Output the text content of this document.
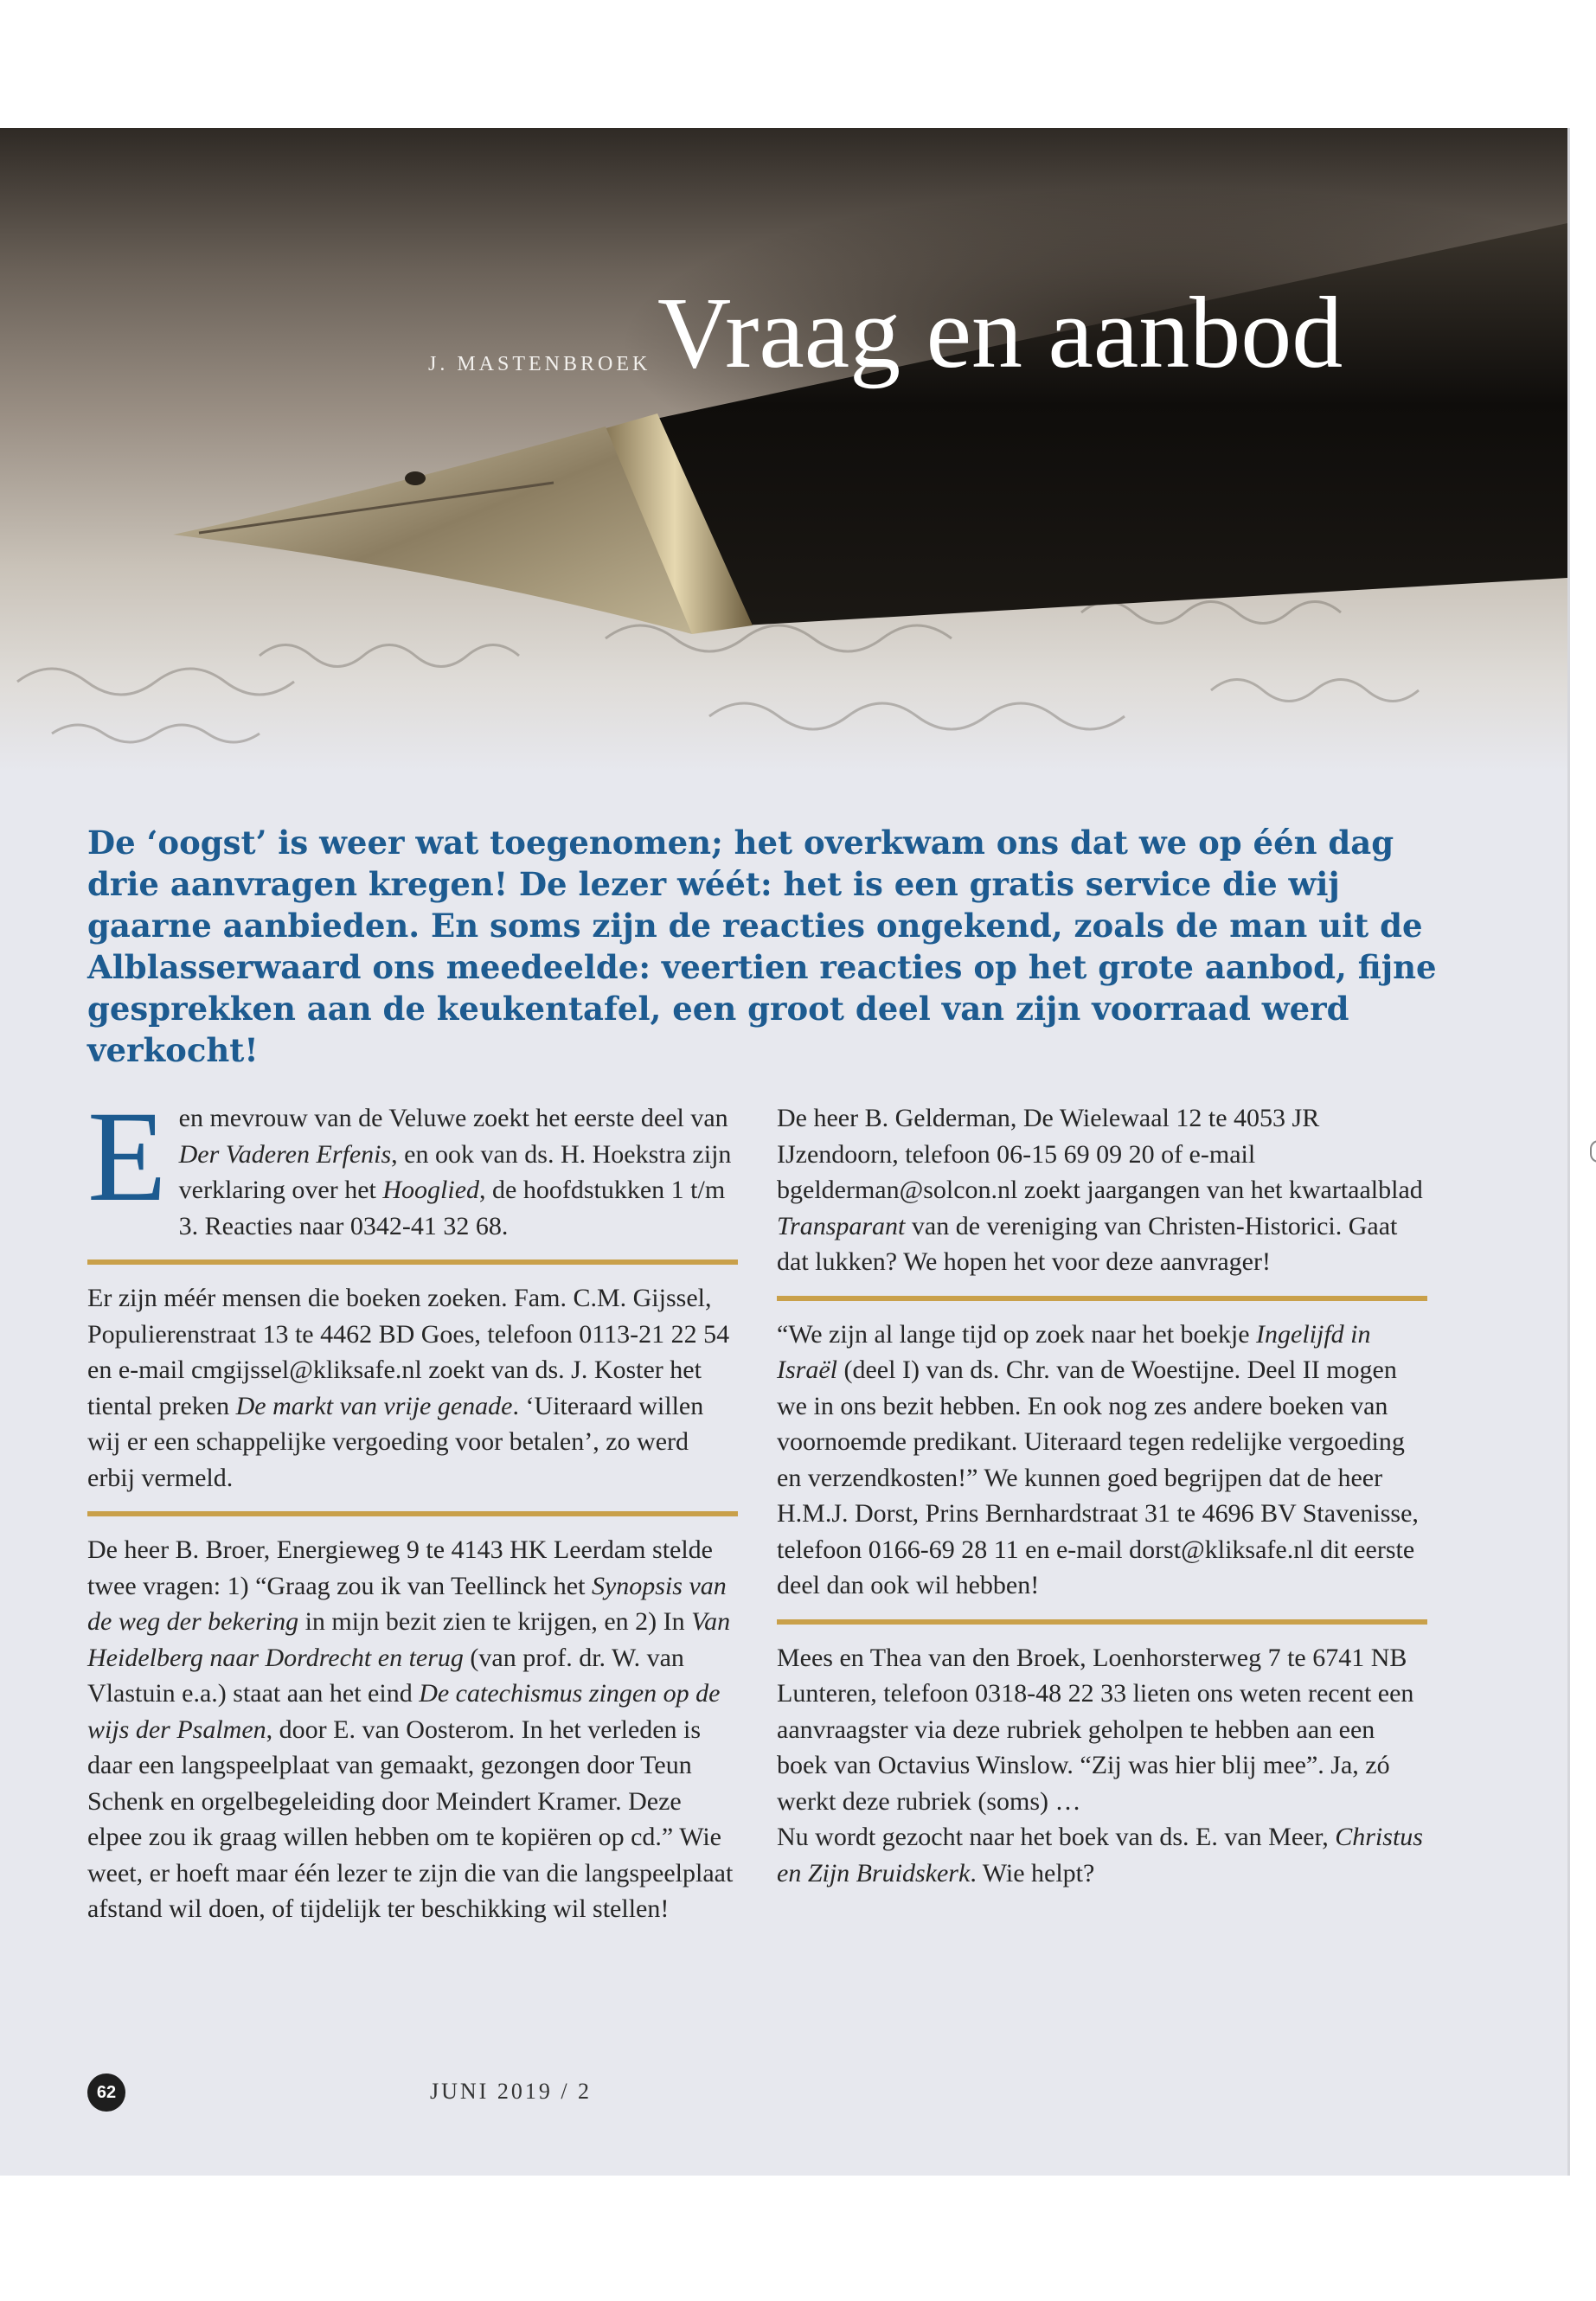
J. MASTENBROEK Vraag en aanbod
De ‘oogst’ is weer wat toegenomen; het overkwam ons dat we op één dag drie aanvragen kregen! De lezer wéét: het is een gratis service die wij gaarne aanbieden. En soms zijn de reacties ongekend, zoals de man uit de Alblasserwaard ons meedeelde: veertien reacties op het grote aanbod, fijne gesprekken aan de keukentafel, een groot deel van zijn voorraad werd verkocht!

Een mevrouw van de Veluwe zoekt het eerste deel van Der Vaderen Erfenis, en ook van ds. H. Hoekstra zijn verklaring over het Hooglied, de hoofdstukken 1 t/m 3. Reacties naar 0342-41 32 68.

Er zijn méér mensen die boeken zoeken. Fam. C.M. Gijssel, Populierenstraat 13 te 4462 BD Goes, telefoon 0113-21 22 54 en e-mail cmgijssel@kliksafe.nl zoekt van ds. J. Koster het tiental preken De markt van vrije genade. ‘Uiteraard willen wij er een schappelijke vergoeding voor betalen’, zo werd erbij vermeld.

De heer B. Broer, Energieweg 9 te 4143 HK Leerdam stelde twee vragen: 1) “Graag zou ik van Teellinck het Synopsis van de weg der bekering in mijn bezit zien te krijgen, en 2) In Van Heidelberg naar Dordrecht en terug (van prof. dr. W. van Vlastuin e.a.) staat aan het eind De catechismus zingen op de wijs der Psalmen, door E. van Oosterom. In het verleden is daar een langspeelplaat van gemaakt, gezongen door Teun Schenk en orgelbegeleiding door Meindert Kramer. Deze elpee zou ik graag willen hebben om te kopiëren op cd.” Wie weet, er hoeft maar één lezer te zijn die van die langspeelplaat afstand wil doen, of tijdelijk ter beschikking wil stellen!

De heer B. Gelderman, De Wielewaal 12 te 4053 JR IJzendoorn, telefoon 06-15 69 09 20 of e-mail bgelderman@solcon.nl zoekt jaargangen van het kwartaalblad Transparant van de vereniging van Christen-Historici. Gaat dat lukken? We hopen het voor deze aanvrager!

“We zijn al lange tijd op zoek naar het boekje Ingelijfd in Israël (deel I) van ds. Chr. van de Woestijne. Deel II mogen we in ons bezit hebben. En ook nog zes andere boeken van voornoemde predikant. Uiteraard tegen redelijke vergoeding en verzendkosten!” We kunnen goed begrijpen dat de heer H.M.J. Dorst, Prins Bernhardstraat 31 te 4696 BV Stavenisse, telefoon 0166-69 28 11 en e-mail dorst@kliksafe.nl dit eerste deel dan ook wil hebben!

Mees en Thea van den Broek, Loenhorsterweg 7 te 6741 NB Lunteren, telefoon 0318-48 22 33 lieten ons weten recent een aanvraagster via deze rubriek geholpen te hebben aan een boek van Octavius Winslow. “Zij was hier blij mee”. Ja, zó werkt deze rubriek (soms) …

Nu wordt gezocht naar het boek van ds. E. van Meer, Christus en Zijn Bruidskerk. Wie helpt?

62	JUNI 2019 / 2
